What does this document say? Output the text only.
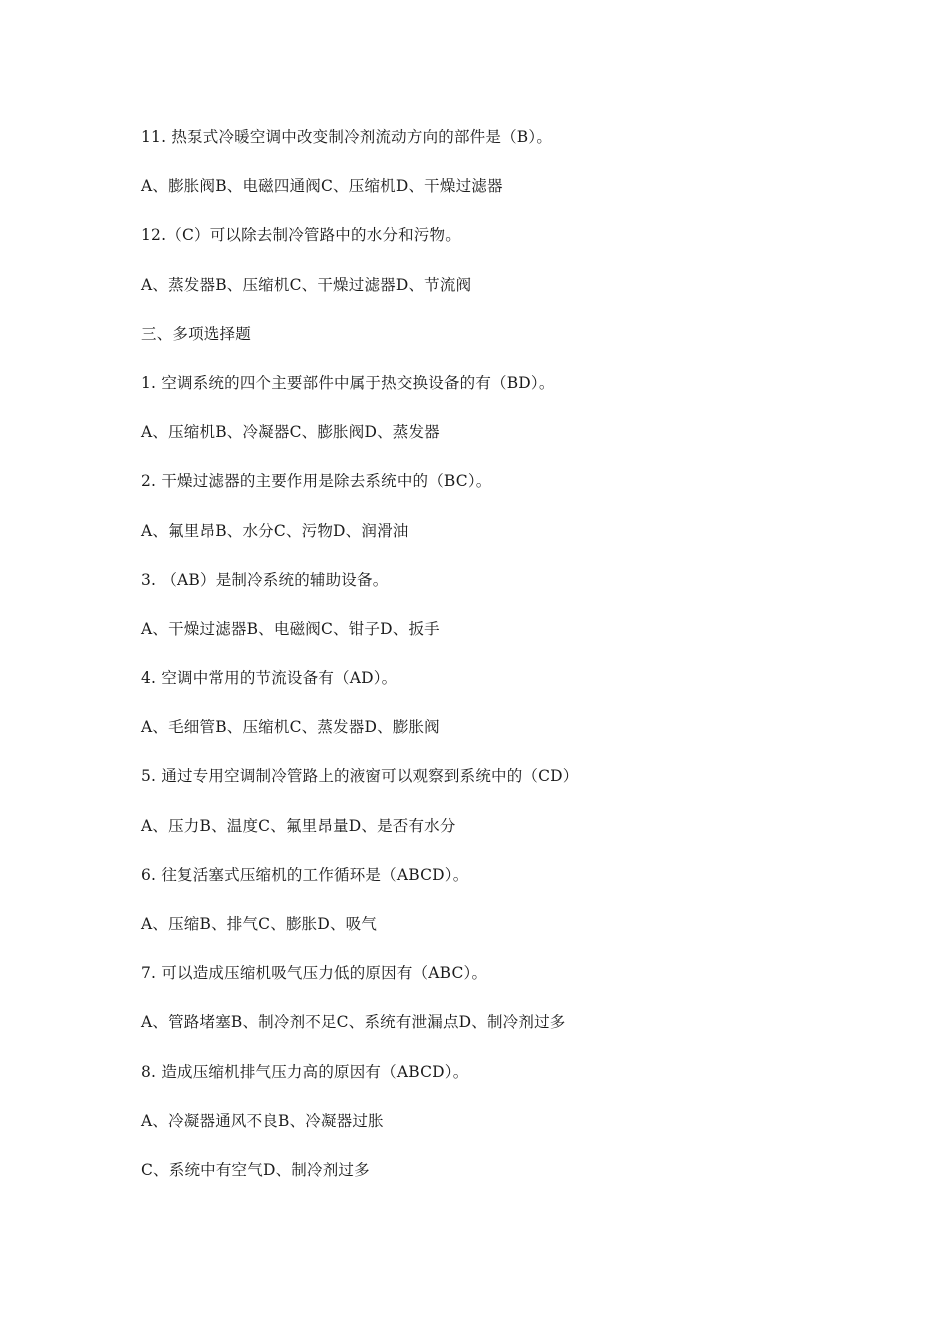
11. 热泵式冷暖空调中改变制冷剂流动方向的部件是（B）。
A、膨胀阀B、电磁四通阀C、压缩机D、干燥过滤器
12.（C）可以除去制冷管路中的水分和污物。
A、蒸发器B、压缩机C、干燥过滤器D、节流阀
三、多项选择题
1. 空调系统的四个主要部件中属于热交换设备的有（BD）。
A、压缩机B、冷凝器C、膨胀阀D、蒸发器
2. 干燥过滤器的主要作用是除去系统中的（BC）。
A、氟里昂B、水分C、污物D、润滑油
3. （AB）是制冷系统的辅助设备。
A、干燥过滤器B、电磁阀C、钳子D、扳手
4. 空调中常用的节流设备有（AD）。
A、毛细管B、压缩机C、蒸发器D、膨胀阀
5. 通过专用空调制冷管路上的液窗可以观察到系统中的（CD）
A、压力B、温度C、氟里昂量D、是否有水分
6. 往复活塞式压缩机的工作循环是（ABCD）。
A、压缩B、排气C、膨胀D、吸气
7. 可以造成压缩机吸气压力低的原因有（ABC）。
A、管路堵塞B、制冷剂不足C、系统有泄漏点D、制冷剂过多
8. 造成压缩机排气压力高的原因有（ABCD）。
A、冷凝器通风不良B、冷凝器过胀
C、系统中有空气D、制冷剂过多
